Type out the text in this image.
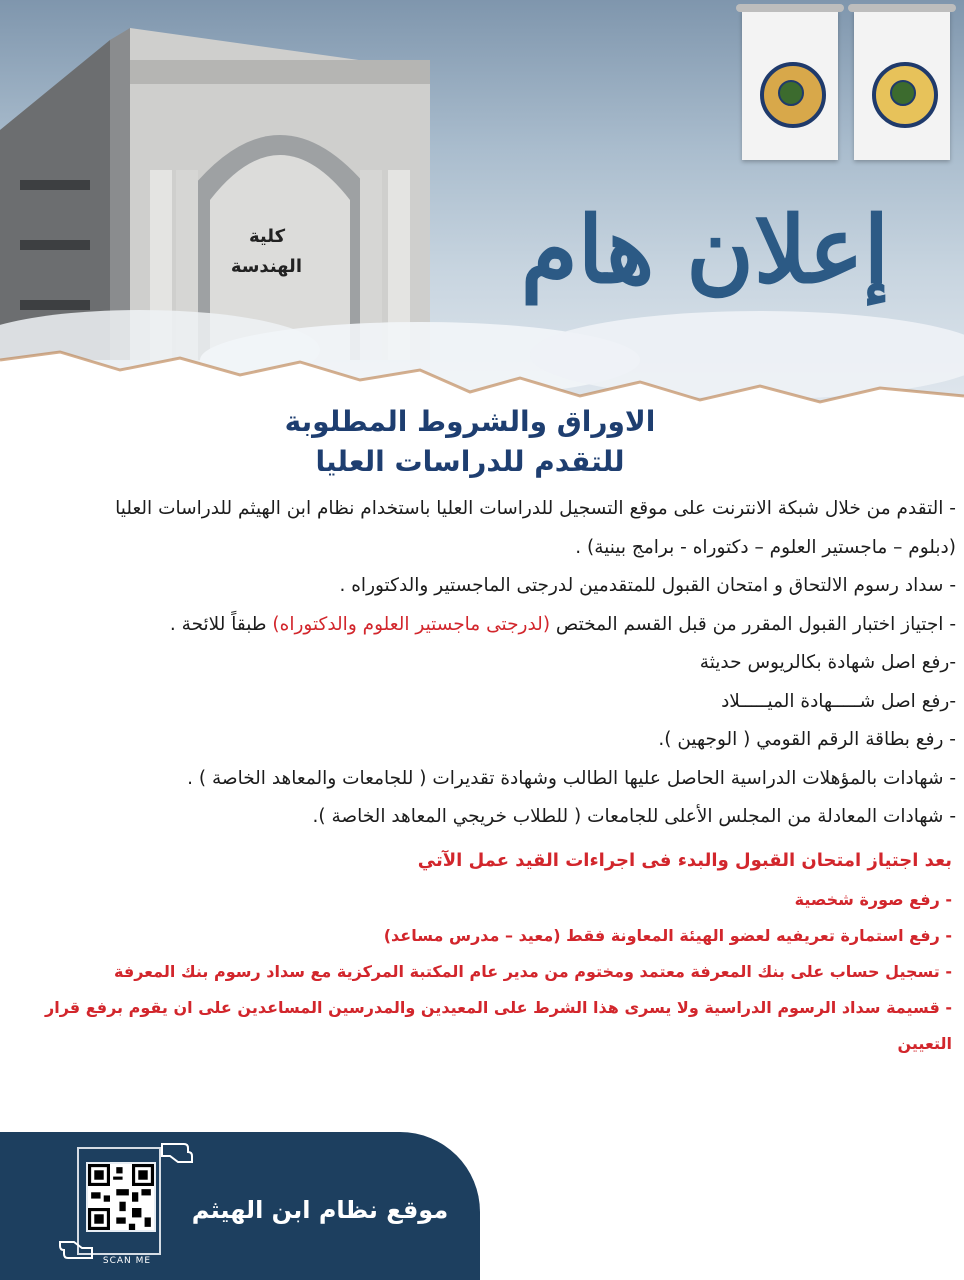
كلية
الهندسة إعلان هام
الاوراق والشروط المطلوبة
للتقدم للدراسات العليا

- التقدم من خلال شبكة الانترنت على موقع التسجيل للدراسات العليا باستخدام نظام ابن الهيثم للدراسات العليا

(دبلوم – ماجستير العلوم – دكتوراه - برامج بينية) .

- سداد رسوم الالتحاق و امتحان القبول للمتقدمين لدرجتى الماجستير والدكتوراه .

- اجتياز اختبار القبول المقرر من قبل القسم المختص (لدرجتى ماجستير العلوم والدكتوراه) طبقاً للائحة .

-رفع اصل شهادة بكالريوس حديثة

-رفع اصل شـــــهادة الميـــــلاد

- رفع بطاقة الرقم القومي ( الوجهين ).

- شهادات بالمؤهلات الدراسية الحاصل عليها الطالب وشهادة تقديرات ( للجامعات والمعاهد الخاصة ) .

- شهادات المعادلة من المجلس الأعلى للجامعات ( للطلاب خريجي المعاهد الخاصة ).

بعد اجتياز امتحان القبول والبدء فى اجراءات القيد عمل الآتي

- رفع صورة شخصية

- رفع استمارة تعريفيه لعضو الهيئة المعاونة فقط (معيد – مدرس مساعد)

- تسجيل حساب على بنك المعرفة معتمد ومختوم من مدير عام المكتبة المركزية مع سداد رسوم بنك المعرفة

- قسيمة سداد الرسوم الدراسية ولا يسرى هذا الشرط على المعيدين والمدرسين المساعدين على ان يقوم برفع قرار

التعيين

SCAN ME
موقع نظام ابن الهيثم
